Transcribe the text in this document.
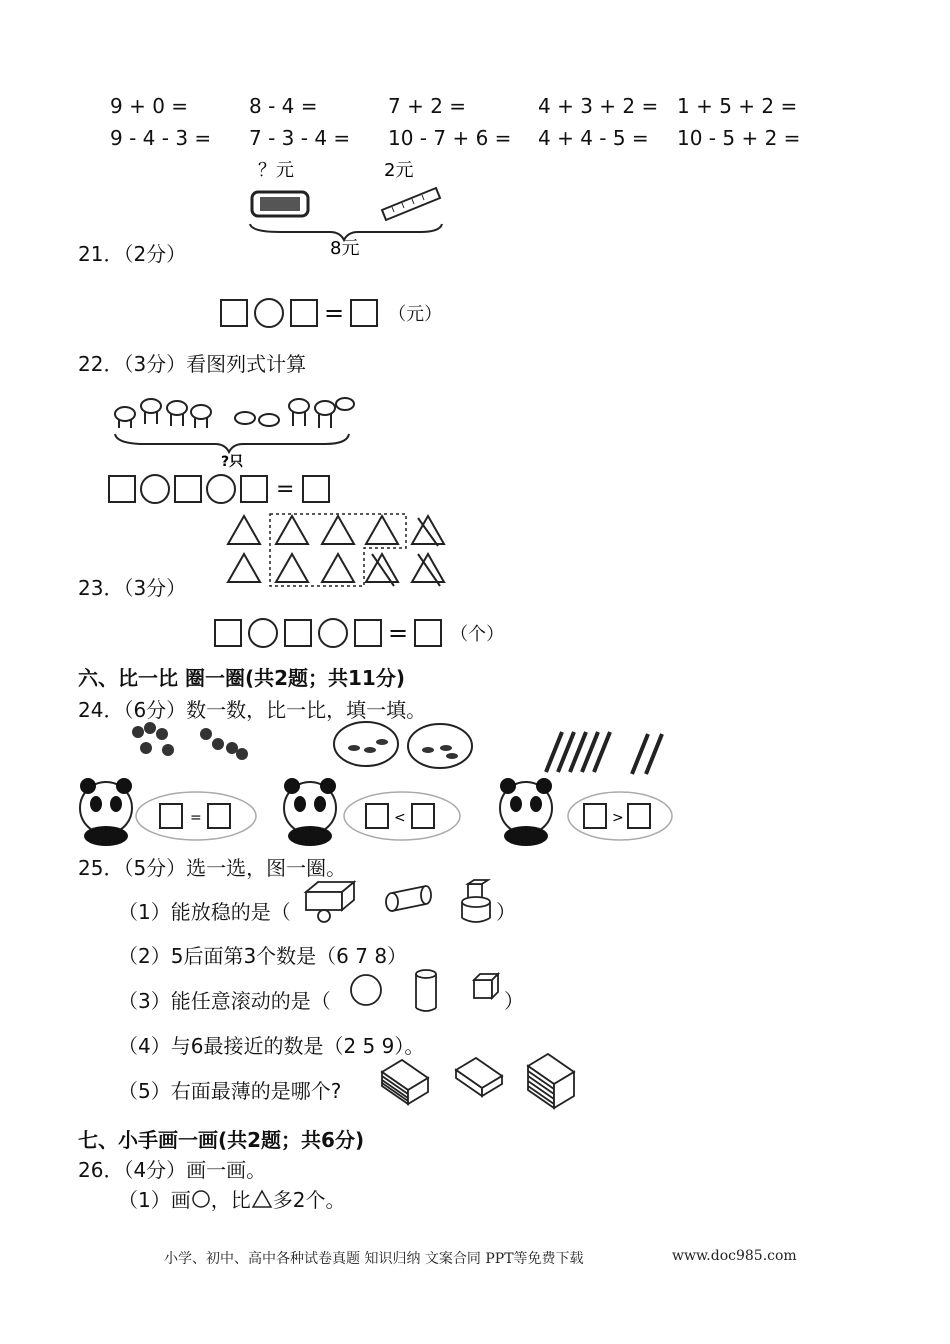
9 + 0 =	8 - 4 =	7 + 2 =	4 + 3 + 2 = 1 + 5 + 2 =
9 - 4 - 3 = 7 - 3 - 4 = 10 - 7 + 6 = 4 + 4 - 5 = 10 - 5 + 2 =
？元	2元
8元
21．（2分）
= （元）
22．（3分）看图列式计算
?只
=
23．（3分）
= （个）
六、比一比 圈一圈(共2题；共11分)
24．（6分）数一数，比一比，填一填。
=	<	>
25．（5分）选一选，图一圈。
（1）能放稳的是（	）
（2）5后面第3个数是（6 7 8）
（3）能任意滚动的是（	）
（4）与6最接近的数是（2 5 9）。
（5）右面最薄的是哪个?
七、小手画一画(共2题；共6分)
26．（4分）画一画。
（1）画 ，比 多2个。
小学、初中、高中各种试卷真题 知识归纳 文案合同 PPT等免费下载	www.doc985.com
